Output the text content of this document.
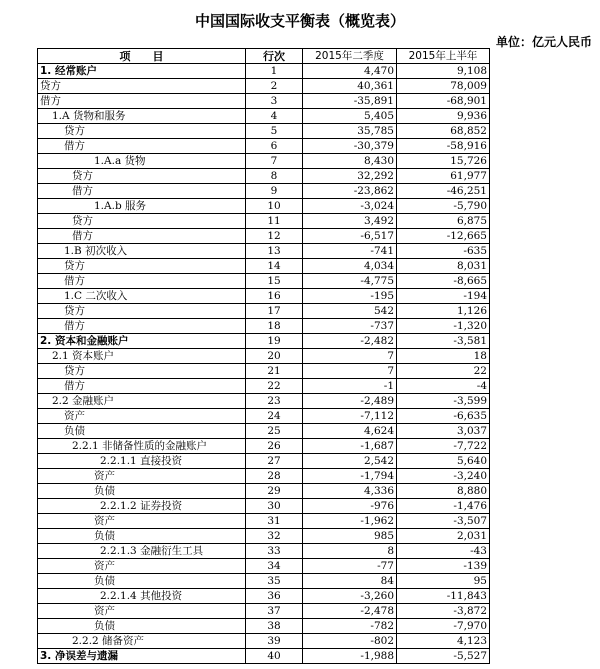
中国国际收支平衡表（概览表）
单位：亿元人民币
项　　目	行次	2015年二季度	2015年上半年
1. 经常账户	1	4,470	9,108
贷方	2	40,361	78,009
借方	3	-35,891	-68,901
1.A 货物和服务	4	5,405	9,936
贷方	5	35,785	68,852
借方	6	-30,379	-58,916
1.A.a 货物	7	8,430	15,726
贷方	8	32,292	61,977
借方	9	-23,862	-46,251
1.A.b 服务	10	-3,024	-5,790
贷方	11	3,492	6,875
借方	12	-6,517	-12,665
1.B 初次收入	13	-741	-635
贷方	14	4,034	8,031
借方	15	-4,775	-8,665
1.C 二次收入	16	-195	-194
贷方	17	542	1,126
借方	18	-737	-1,320
2. 资本和金融账户	19	-2,482	-3,581
2.1 资本账户	20	7	18
贷方	21	7	22
借方	22	-1	-4
2.2 金融账户	23	-2,489	-3,599
资产	24	-7,112	-6,635
负债	25	4,624	3,037
2.2.1 非储备性质的金融账户	26	-1,687	-7,722
2.2.1.1 直接投资	27	2,542	5,640
资产	28	-1,794	-3,240
负债	29	4,336	8,880
2.2.1.2 证券投资	30	-976	-1,476
资产	31	-1,962	-3,507
负债	32	985	2,031
2.2.1.3 金融衍生工具	33	8	-43
资产	34	-77	-139
负债	35	84	95
2.2.1.4 其他投资	36	-3,260	-11,843
资产	37	-2,478	-3,872
负债	38	-782	-7,970
2.2.2 储备资产	39	-802	4,123
3. 净误差与遗漏	40	-1,988	-5,527
